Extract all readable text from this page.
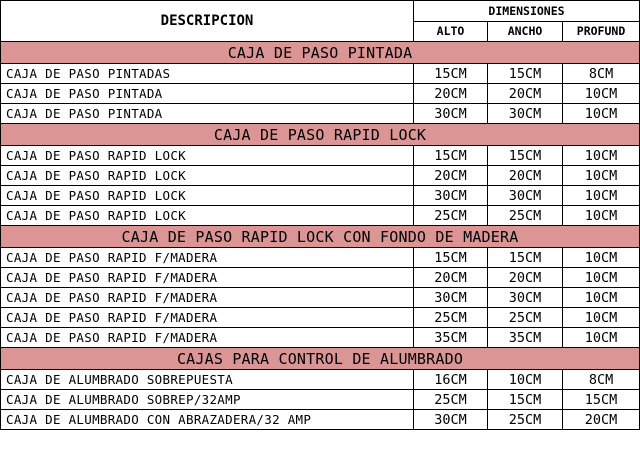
DESCRIPCION	DIMENSIONES		
	ALTO	ANCHO	PROFUND
CAJA DE PASO PINTADA			
CAJA DE PASO PINTADAS	15CM	15CM	8CM
CAJA DE PASO PINTADA	20CM	20CM	10CM
CAJA DE PASO PINTADA	30CM	30CM	10CM
CAJA DE PASO RAPID LOCK			
CAJA DE PASO RAPID LOCK	15CM	15CM	10CM
CAJA DE PASO RAPID LOCK	20CM	20CM	10CM
CAJA DE PASO RAPID LOCK	30CM	30CM	10CM
CAJA DE PASO RAPID LOCK	25CM	25CM	10CM
CAJA DE PASO RAPID LOCK CON FONDO DE MADERA			
CAJA DE PASO RAPID F/MADERA	15CM	15CM	10CM
CAJA DE PASO RAPID F/MADERA	20CM	20CM	10CM
CAJA DE PASO RAPID F/MADERA	30CM	30CM	10CM
CAJA DE PASO RAPID F/MADERA	25CM	25CM	10CM
CAJA DE PASO RAPID F/MADERA	35CM	35CM	10CM
CAJAS PARA CONTROL DE ALUMBRADO			
CAJA DE ALUMBRADO SOBREPUESTA	16CM	10CM	8CM
CAJA DE ALUMBRADO SOBREP/32AMP	25CM	15CM	15CM
CAJA DE ALUMBRADO CON ABRAZADERA/32 AMP	30CM	25CM	20CM
